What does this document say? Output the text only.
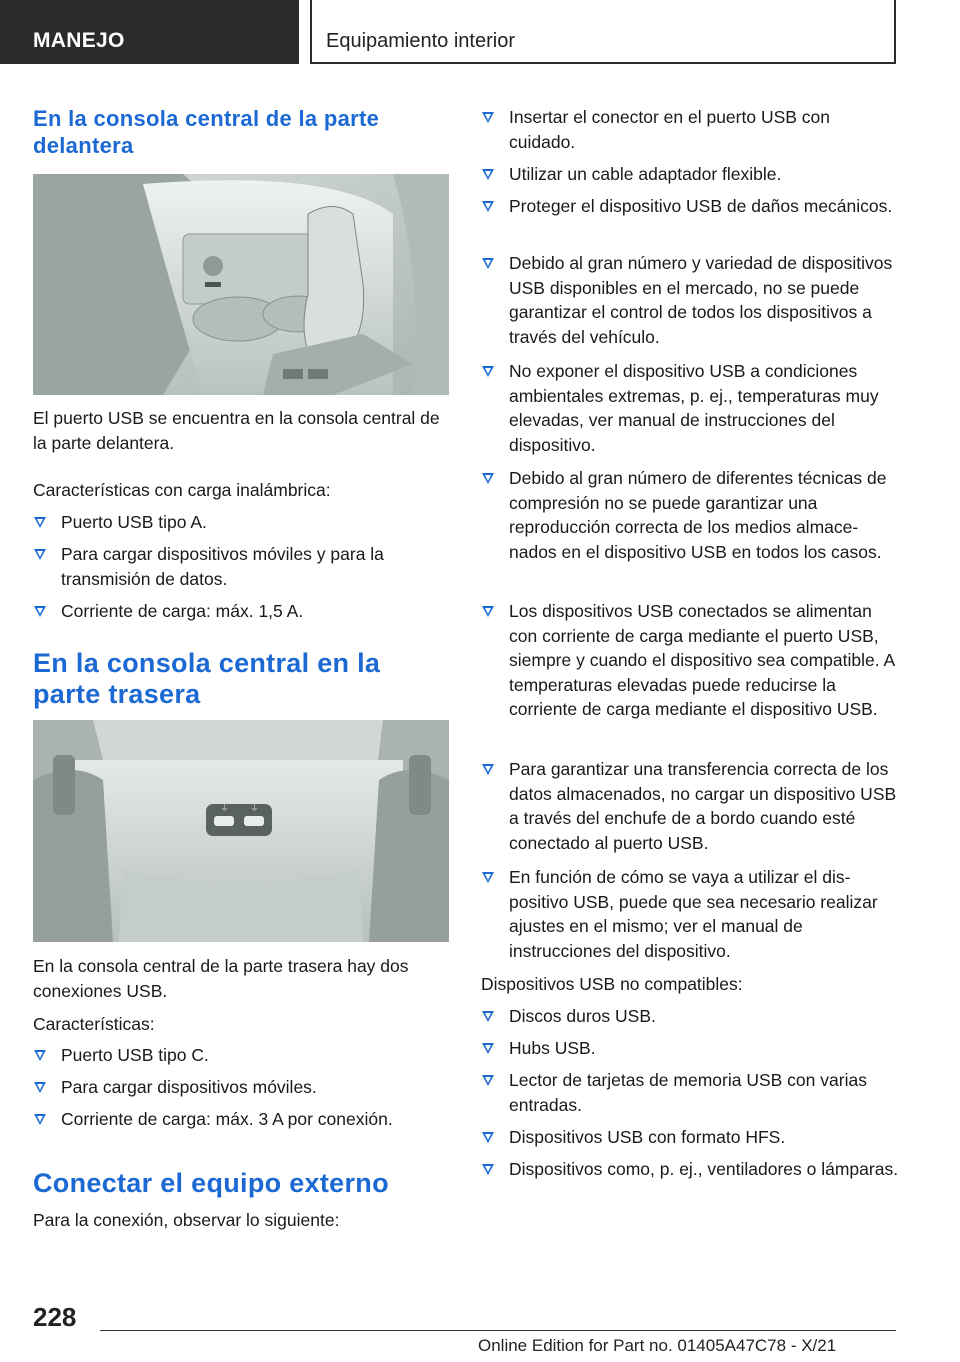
MANEJO	Equipamiento interior
En la consola central de la parte delantera

El puerto USB se encuentra en la consola central de la parte delantera.

Características con carga inalámbrica:

Puerto USB tipo A.
Para cargar dispositivos móviles y para la transmisión de datos.
Corriente de carga: máx. 1,5 A.
En la consola central en la parte trasera
⏚ ⏚

En la consola central de la parte trasera hay dos conexiones USB.

Características:

Puerto USB tipo C.
Para cargar dispositivos móviles.
Corriente de carga: máx. 3 A por conexión.
Conectar el equipo externo

Para la conexión, observar lo siguiente:

Insertar el conector en el puerto USB con cuidado.
Utilizar un cable adaptador flexible.
Proteger el dispositivo USB de daños mecánicos.
Debido al gran número y variedad de dispositivos USB disponibles en el mercado, no se puede garantizar el control de todos los dispositivos a través del vehículo.
No exponer el dispositivo USB a condiciones ambientales extremas, p. ej., temperaturas muy elevadas, ver manual de instrucciones del dispositivo.
Debido al gran número de diferentes técnicas de compresión no se puede garantizar una reproducción correcta de los medios almacenados en el dispositivo USB en todos los casos.
Los dispositivos USB conectados se alimentan con corriente de carga mediante el puerto USB, siempre y cuando el dispositivo sea compatible. A temperaturas elevadas puede reducirse la corriente de carga mediante el dispositivo USB.
Para garantizar una transferencia correcta de los datos almacenados, no cargar un dispositivo USB a través del enchufe de a bordo cuando esté conectado al puerto USB.
En función de cómo se vaya a utilizar el dispositivo USB, puede que sea necesario realizar ajustes en el mismo; ver el manual de instrucciones del dispositivo.

Dispositivos USB no compatibles:

Discos duros USB.
Hubs USB.
Lector de tarjetas de memoria USB con varias entradas.
Dispositivos USB con formato HFS.
Dispositivos como, p. ej., ventiladores o lámparas.
228
Online Edition for Part no. 01405A47C78 - X/21
